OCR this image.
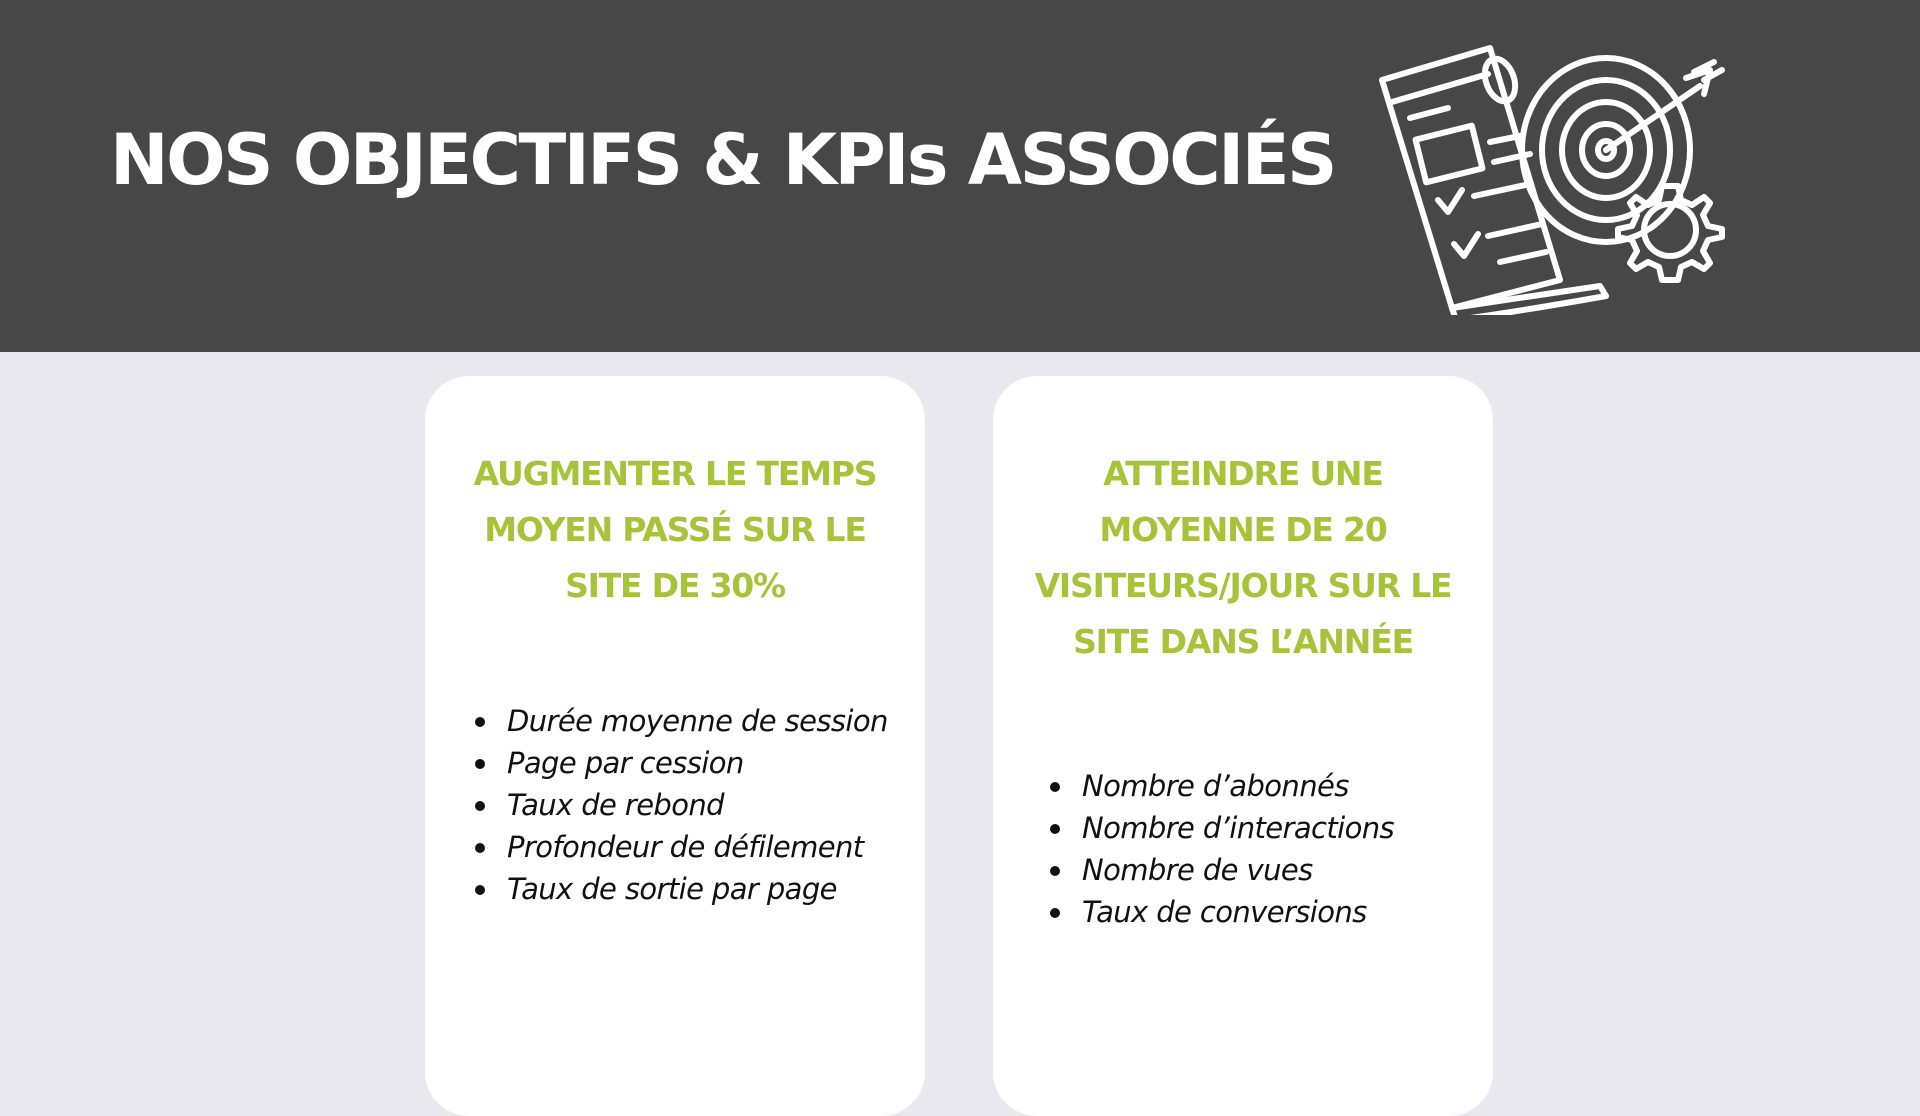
NOS OBJECTIFS & KPIs ASSOCIÉS
AUGMENTER LE TEMPS MOYEN PASSÉ SUR LE SITE DE 30%
Durée moyenne de session
Page par cession
Taux de rebond
Profondeur de défilement
Taux de sortie par page
ATTEINDRE UNE MOYENNE DE 20 VISITEURS/JOUR SUR LE SITE DANS L’ANNÉE
Nombre d’abonnés
Nombre d’interactions
Nombre de vues
Taux de conversions
